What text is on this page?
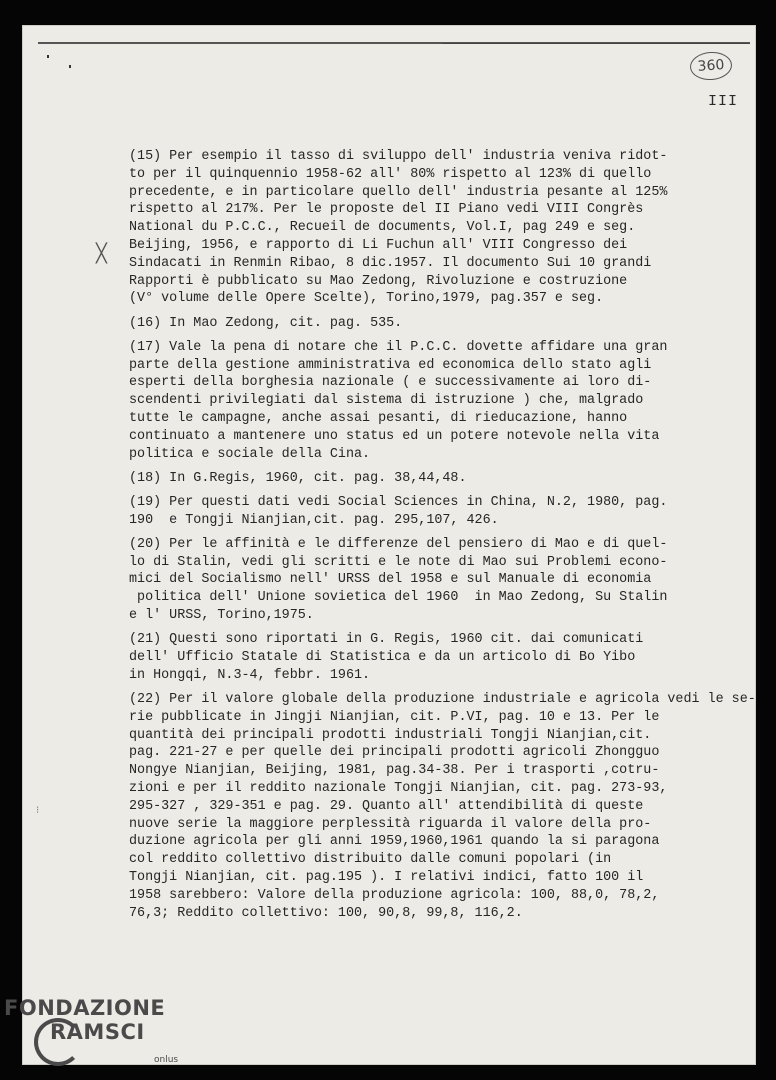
360
III
╳
⁝
(15) Per esempio il tasso di sviluppo dell' industria veniva ridot-
to per il quinquennio 1958-62 all' 80% rispetto al 123% di quello
precedente, e in particolare quello dell' industria pesante al 125%
rispetto al 217%. Per le proposte del II Piano vedi VIII Congrès
National du P.C.C., Recueil de documents, Vol.I, pag 249 e seg.
Beijing, 1956, e rapporto di Li Fuchun all' VIII Congresso dei
Sindacati in Renmin Ribao, 8 dic.1957. Il documento Sui 10 grandi
Rapporti è pubblicato su Mao Zedong, Rivoluzione e costruzione
(V° volume delle Opere Scelte), Torino,1979, pag.357 e seg.
(16) In Mao Zedong, cit. pag. 535.
(17) Vale la pena di notare che il P.C.C. dovette affidare una gran
parte della gestione amministrativa ed economica dello stato agli
esperti della borghesia nazionale ( e successivamente ai loro di-
scendenti privilegiati dal sistema di istruzione ) che, malgrado
tutte le campagne, anche assai pesanti, di rieducazione, hanno
continuato a mantenere uno status ed un potere notevole nella vita
politica e sociale della Cina.
(18) In G.Regis, 1960, cit. pag. 38,44,48.
(19) Per questi dati vedi Social Sciences in China, N.2, 1980, pag.
190  e Tongji Nianjian,cit. pag. 295,107, 426.
(20) Per le affinità e le differenze del pensiero di Mao e di quel-
lo di Stalin, vedi gli scritti e le note di Mao sui Problemi econo-
mici del Socialismo nell' URSS del 1958 e sul Manuale di economia
politica dell' Unione sovietica del 1960  in Mao Zedong, Su Stalin
e l' URSS, Torino,1975.
(21) Questi sono riportati in G. Regis, 1960 cit. dai comunicati
dell' Ufficio Statale di Statistica e da un articolo di Bo Yibo
in Hongqi, N.3-4, febbr. 1961.
(22) Per il valore globale della produzione industriale e agricola vedi le se-
rie pubblicate in Jingji Nianjian, cit. P.VI, pag. 10 e 13. Per le
quantità dei principali prodotti industriali Tongji Nianjian,cit.
pag. 221-27 e per quelle dei principali prodotti agricoli Zhongguo
Nongye Nianjian, Beijing, 1981, pag.34-38. Per i trasporti ,cotru-
zioni e per il reddito nazionale Tongji Nianjian, cit. pag. 273-93,
295-327 , 329-351 e pag. 29. Quanto all' attendibilità di queste
nuove serie la maggiore perplessità riguarda il valore della pro-
duzione agricola per gli anni 1959,1960,1961 quando la si paragona
col reddito collettivo distribuito dalle comuni popolari (in
Tongji Nianjian, cit. pag.195 ). I relativi indici, fatto 100 il
1958 sarebbero: Valore della produzione agricola: 100, 88,0, 78,2,
76,3; Reddito collettivo: 100, 90,8, 99,8, 116,2.
FONDAZIONE
RAMSCI
onlus
